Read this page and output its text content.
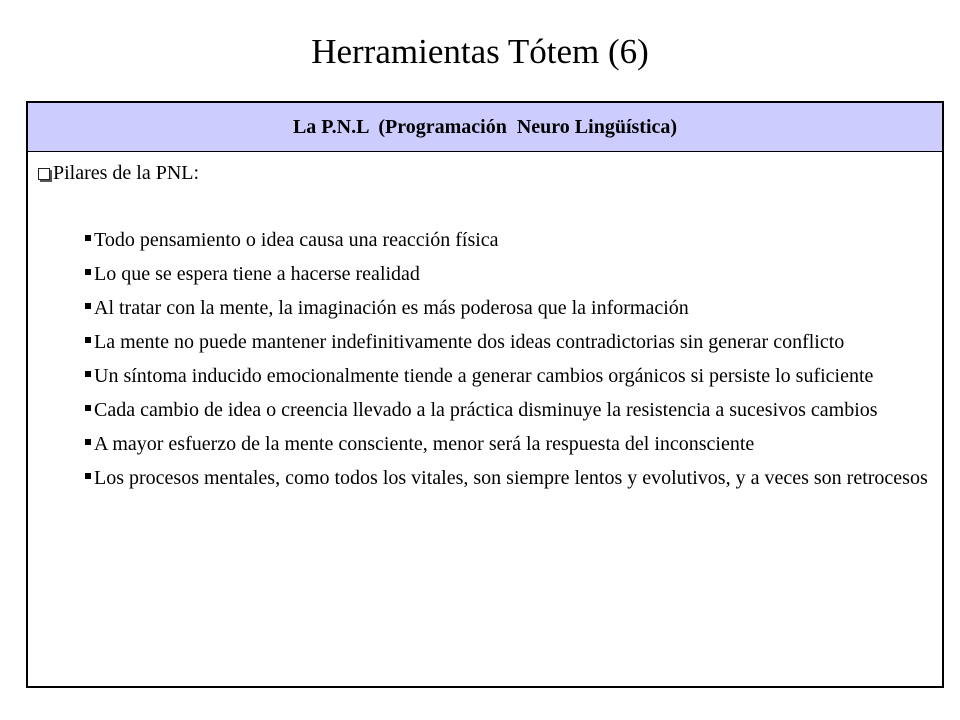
Herramientas Tótem (6)
La P.N.L  (Programación  Neuro Lingüística)
Pilares de la PNL:
Todo pensamiento o idea causa una reacción física
Lo que se espera tiene a hacerse realidad
Al tratar con la mente, la imaginación es más poderosa que la información
La mente no puede mantener indefinitivamente dos ideas contradictorias sin generar conflicto
Un síntoma inducido emocionalmente tiende a generar cambios orgánicos si persiste lo suficiente
Cada cambio de idea o creencia llevado a la práctica disminuye la resistencia a sucesivos cambios
A mayor esfuerzo de la mente consciente, menor será la respuesta del inconsciente
Los procesos mentales, como todos los vitales, son siempre lentos y evolutivos, y a veces son retrocesos
